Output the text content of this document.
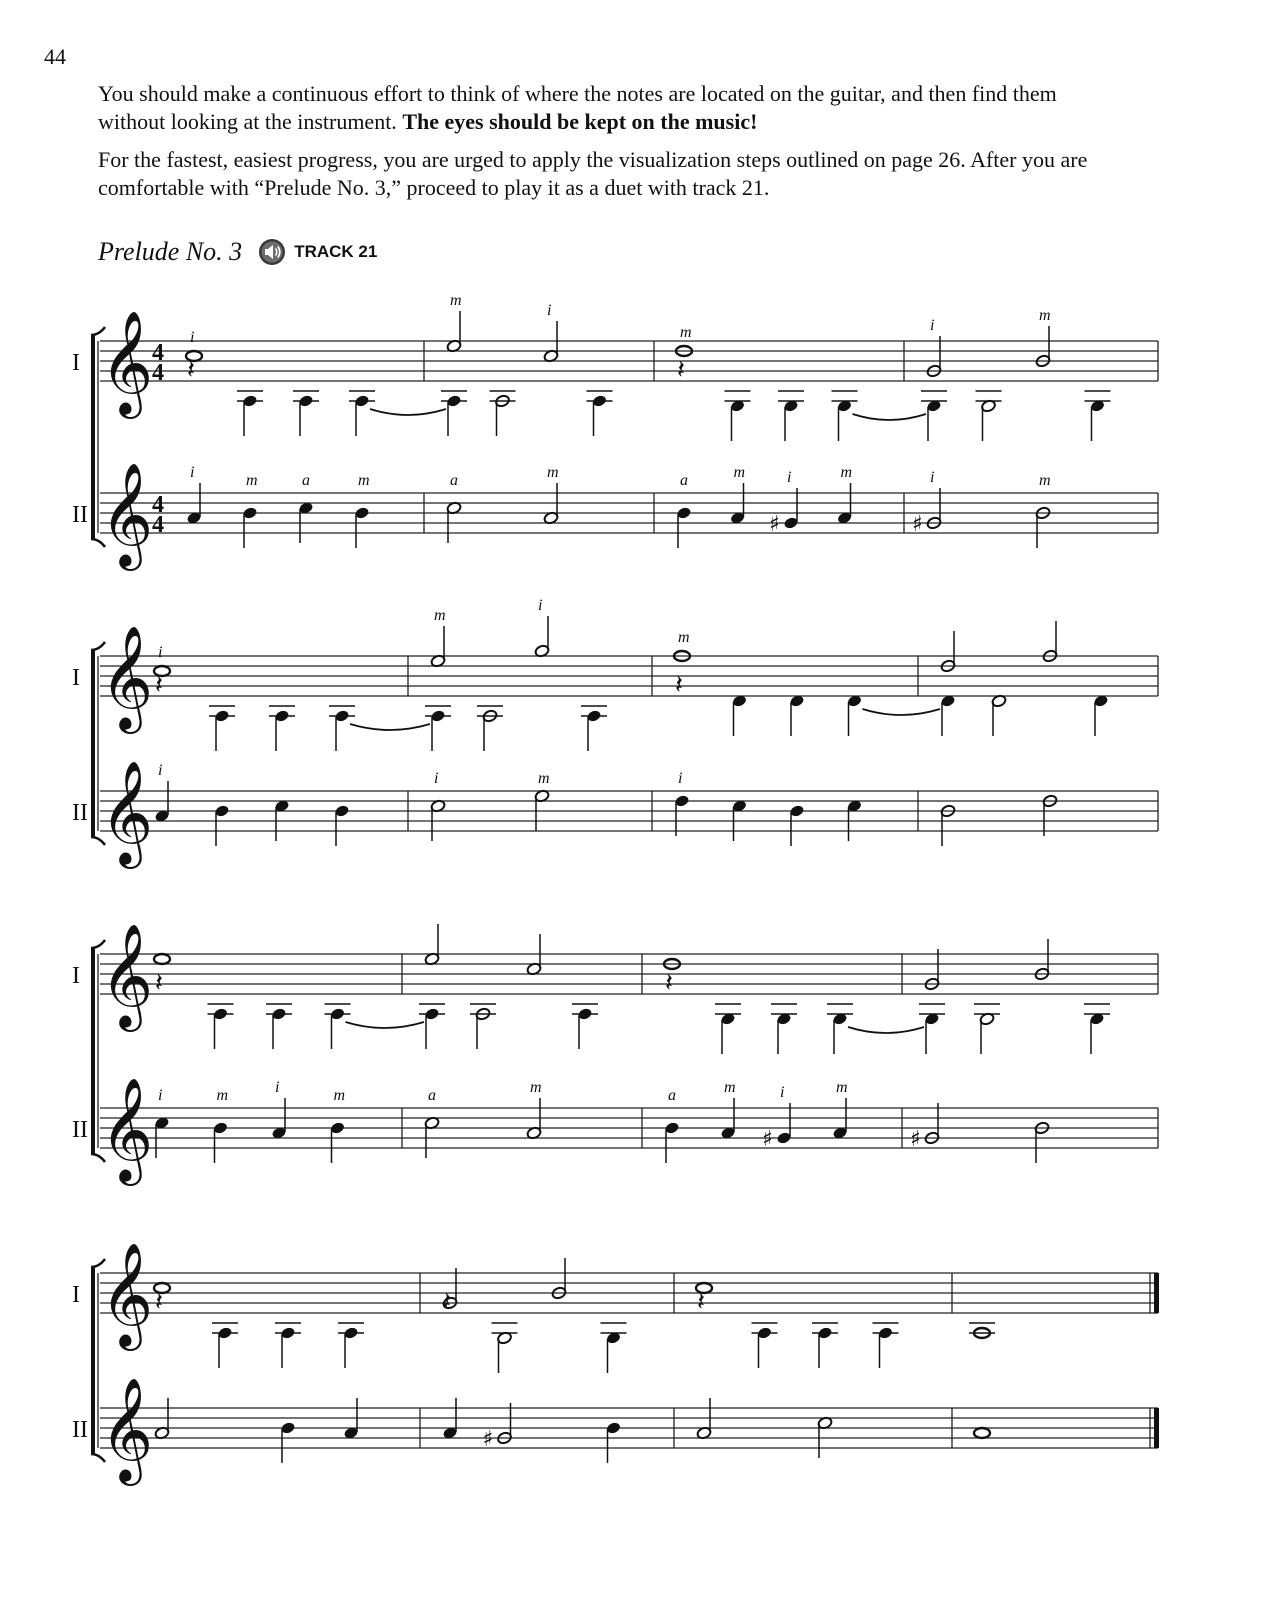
44

You should make a continuous effort to think of where the notes are located on the guitar, and then find them without looking at the instrument. The eyes should be kept on the music!

For the fastest, easiest progress, you are urged to apply the visualization steps outlined on page 26. After you are comfortable with “Prelude No. 3,” proceed to play it as a duet with track 21.

Prelude No. 3	TRACK 21
I 𝄞
4
4
II 𝄞
4
4
i
m
i
m	i
m
𝄽	𝄽
i	m	a	m	a	m	a	m
♯
i	m
♯
i	m
I 𝄞
II 𝄞
i
m
i
m
𝄽	𝄽
i	i	m	i
I 𝄞
II 𝄞
𝄽	𝄽
i	m	i	m	a	m	a	m
♯
i	m
♯
I 𝄞
II 𝄞
𝄽	𝄽	𝄽
♯
